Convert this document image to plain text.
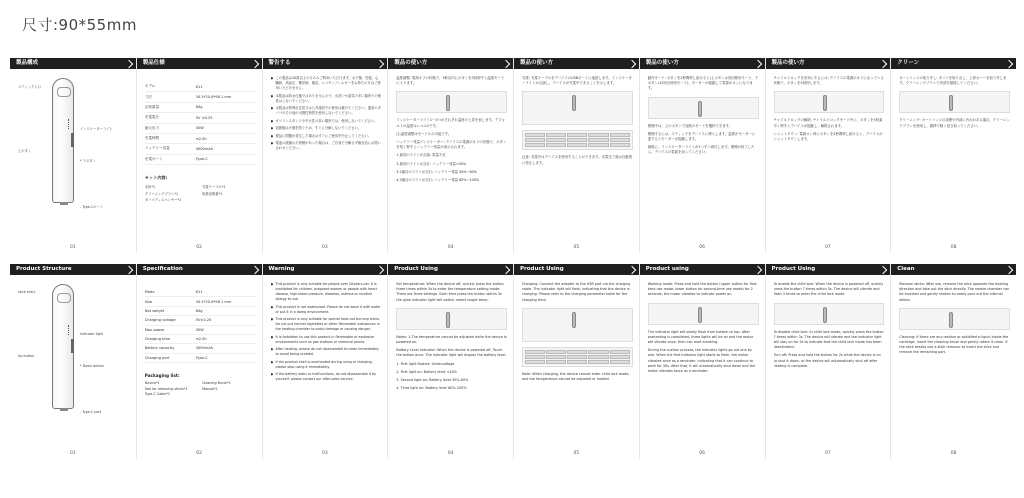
尺寸:90*55mm
製品構成
スティック入口
インジケーターライト
上ボタン
* 下ボタン
- Type-Cポート
01
製品仕様
モデル	K11
寸法	34.5*20.8*98.1 mm
正味重量	84g
充電電圧	5V ±0.25
最大出力	30W
充電時間	≤2.5h
バッテリー容量	3000mAh
充電ポート	Type-C
セット内容:
本体*1	充電ケーブル*1
クリーニングブラシ*1	取扱説明書*1
タバコディスペンサー*1
02
警告する
● この製品は20歳以上の方のみご利用いただけます。お子様、妊娠、心臓病、高血圧、糖尿病、喘息、ニコチンアレルギーをお持ちの方はご使用いただけません。
● 本製品は防水仕様ではありませんので、水洗いや湿気の多い場所での保管はしないでください。
● 本製品は特殊な住居又は公共施設での使用は避けてください。通常のタバコやその他の可燃性物質を使用しないでください。
● ガソリンスタンドや引火性の高い場所では、使用しないでください。
● 加熱後は火傷を防ぐため、すぐに分解しないでください。
● 製品に問題が発生した場合はすぐにご使用を中止してください。
● 電池の液漏れや発煙があった場合は、ご自身で分解せず販売店にお問い合わせください。
03
製品の使い方
温度調整: 電源オフの状態で、3秒以内にボタンを3回押すと温度モードに入ります。
インジケーターライト1ー3つがそれぞれ温度の上昇を表します。デフォルトの温度はレベル2です。
注:温度調整はモードのみ可能です。
バッテリー残量インジケーター: デバイスの電源がオフの状態で、ボタンを短く押すとバッテリー残量が表示されます。
1.最初のライトが点滅: 電量不足
2.最初のライトが点灯: バッテリー残量<30%
3.2番目のライトが点灯: バッテリー残量 30%~60%
4.3番目のライトが点灯: バッテリー残量 60%~100%
04
製品の使い方
充電: 充電ケーブルをデバイスのUSBポートに接続します。インジケーターライトが点滅し、デバイスが充電中であることを示します。
注意: 充電中はデバイスを使用することができます。充電完了後は自動的に停止します。
05
製品の使い方
動作モード: ボタンを2秒間押し続けると(上ボタンは初回使用モード、下ボタンは2回目使用モード)、モーターが振動して電源がオンになります。
喫煙中は、上のボタンで加熱のモードを選択できます。
喫煙するには、スティックをデバイスに挿入します。温度がモーターに達するとモーターが振動します。
最後に、インジケーターライトが1つずつ消灯します。喫煙が終了したら、デバイスの電源を切ってください。
06
製品の使い方
チャイルドロックを有効にするには: デバイスの電源がオフになっている状態で、ボタンを5回押します。
チャイルドロックの解除: チャイルドロックモード中に、ボタンを5回素早く押すとデバイスが振動し、解除されます。
シャットダウン: 電源オン時にボタンを2秒間押し続けると、デバイスがシャットダウンします。
07
クリーン
カートリッジの取り外し: タバコを取り出し、上部カバーを取り外します。クリーニングブラシで内部を掃除してください。
クリーニング: カートリッジの周囲や内部に汚れがある場合、クリーニングブラシを使用し、綿棒で軽く拭き取ってください。
08
Product Structure
stick entry
Indicator light
Up button
* Down button
- Type-C port
01
Specification
Mode	K11
Size	34.5*20.8*98.1 mm
Net weight	84g
Charging voltage	5V±0.25
Max power	30W
Charging time	≤2.5h
Battery capacity	3000mAh
Charging port	Type-C
Packaging list:
Device*1	Cleaning Brush*1
Tool for removing sticks*1	Manual*1
Type-C Cable*1
02
Warning
● This product is only suitable for people over 20years-old. It is prohibited for children, pregnant women or people with heart disease, high blood pressure, diabetes, asthma or nicotine allergy to use.
● This product is not waterproof. Please do not wash it with water or put it in a damp environment.
● This product is only suitable for special heat-not burning sticks. Do not put normal cigarettes or other flammable substances in the heating chamber to avoid damage or causing danger.
● It is forbidden to use this product in flammable or explosive environments such as gas stations or chemical plants.
● After heating, please do not disassemble to clean immediately to avoid being scalded.
● If the product shell is overheated during using or charging, please stop using it immediately.
● If the battery leaks or malfunctions, do not disassemble it by yourself, please contact our after-sales service.
03
Product Using
Set temperature: When the device off, quickly press the button three times within 3s to enter the temperature setting mode. There are three settings. Each time press the button within 3s the glow indicator light will switch, select target temp.
Notes: 1.The temperature cannot be adjusted while the device is powered on.
Battery Level Indicator: When the device is powered off, Touch the button once. The indicator light will display the battery level.
1. First light flashes: Undervoltage
2. First light on: Battery level <30%
3. Second light on: Battery level 30%-60%
4. Third light on: Battery level 60%-100%
04
Product Using
Charging: Connect the adapter to the USB port via the charging cable. The indicator light will flash, indicating that the device is charging. Please refer to the charging parameter table for the charging time.
Note: When charging, the device cannot enter child lock mode, and the temperature cannot be adjusted or heated.
05
Product using
Working mode: Press and hold the button (upper button for first-time use mode, lower button for second-time use mode) for 2 seconds, the motor vibrates to indicate power on.
The indicator light will slowly flash from bottom to top. After preheating is completed, three lights will be on and the motor will vibrate once, then can start smoking.
During the suction process, the indicator lights go out one by one. When the first indicator light starts to flash, the motor vibrates once as a reminder, indicating that it can continue to work for 30s. After that, it will automatically shut down and the motor vibrates twice as a reminder.
06
Product Using
To enable the child lock: When the device is powered off, quickly press the button 7 times within 3s. The device will vibrate and flash 3 times to enter the child lock mode.
To disable child lock: In child lock mode, quickly press the button 7 times within 3s. The device will vibrate and the indicator light will stay on for 2s to indicate that the child lock mode has been deactivated.
Turn off: Press and hold the button for 2s while the device is on to shut it down, or the device will automatically shut off after heating is complete.
07
Clean
Remove sticks: After use, remove the stick opposite the heating direction and take out the stick directly. The smoke chamber can be inverted and gently shaken to easily pour out the internal debris.
Cleaning: If there are any residue or solidified e-liquid inside the cartridge, insert the cleaning brush and gently rotate it clean. If the stick breaks use a stick remover to insert the stick and remove the remaining part.
08
